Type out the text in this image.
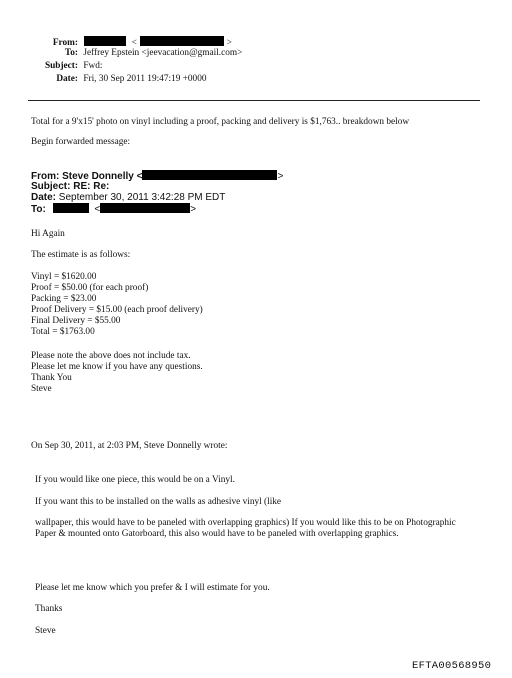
From:	<	>
To: Jeffrey Epstein <jeevacation@gmail.com>
Subject: Fwd:
Date: Fri, 30 Sep 2011 19:47:19 +0000
Total for a 9'x15' photo on vinyl including a proof, packing and delivery is $1,763.. breakdown below
Begin forwarded message:
From: Steve Donnelly <	>
Subject: RE: Re:
Date: September 30, 2011 3:42:28 PM EDT
To:	<	>
Hi Again
The estimate is as follows:
Vinyl = $1620.00
Proof = $50.00 (for each proof)
Packing = $23.00
Proof Delivery = $15.00 (each proof delivery)
Final Delivery = $55.00
Total = $1763.00
Please note the above does not include tax.
Please let me know if you have any questions.
Thank You
Steve
On Sep 30, 2011, at 2:03 PM, Steve Donnelly wrote:
If you would like one piece, this would be on a Vinyl.
If you want this to be installed on the walls as adhesive vinyl (like
wallpaper, this would have to be paneled with overlapping graphics) If you would like this to be on Photographic Paper & mounted onto Gatorboard, this also would have to be paneled with overlapping graphics.
Please let me know which you prefer & I will estimate for you.
Thanks
Steve
EFTA00568950
